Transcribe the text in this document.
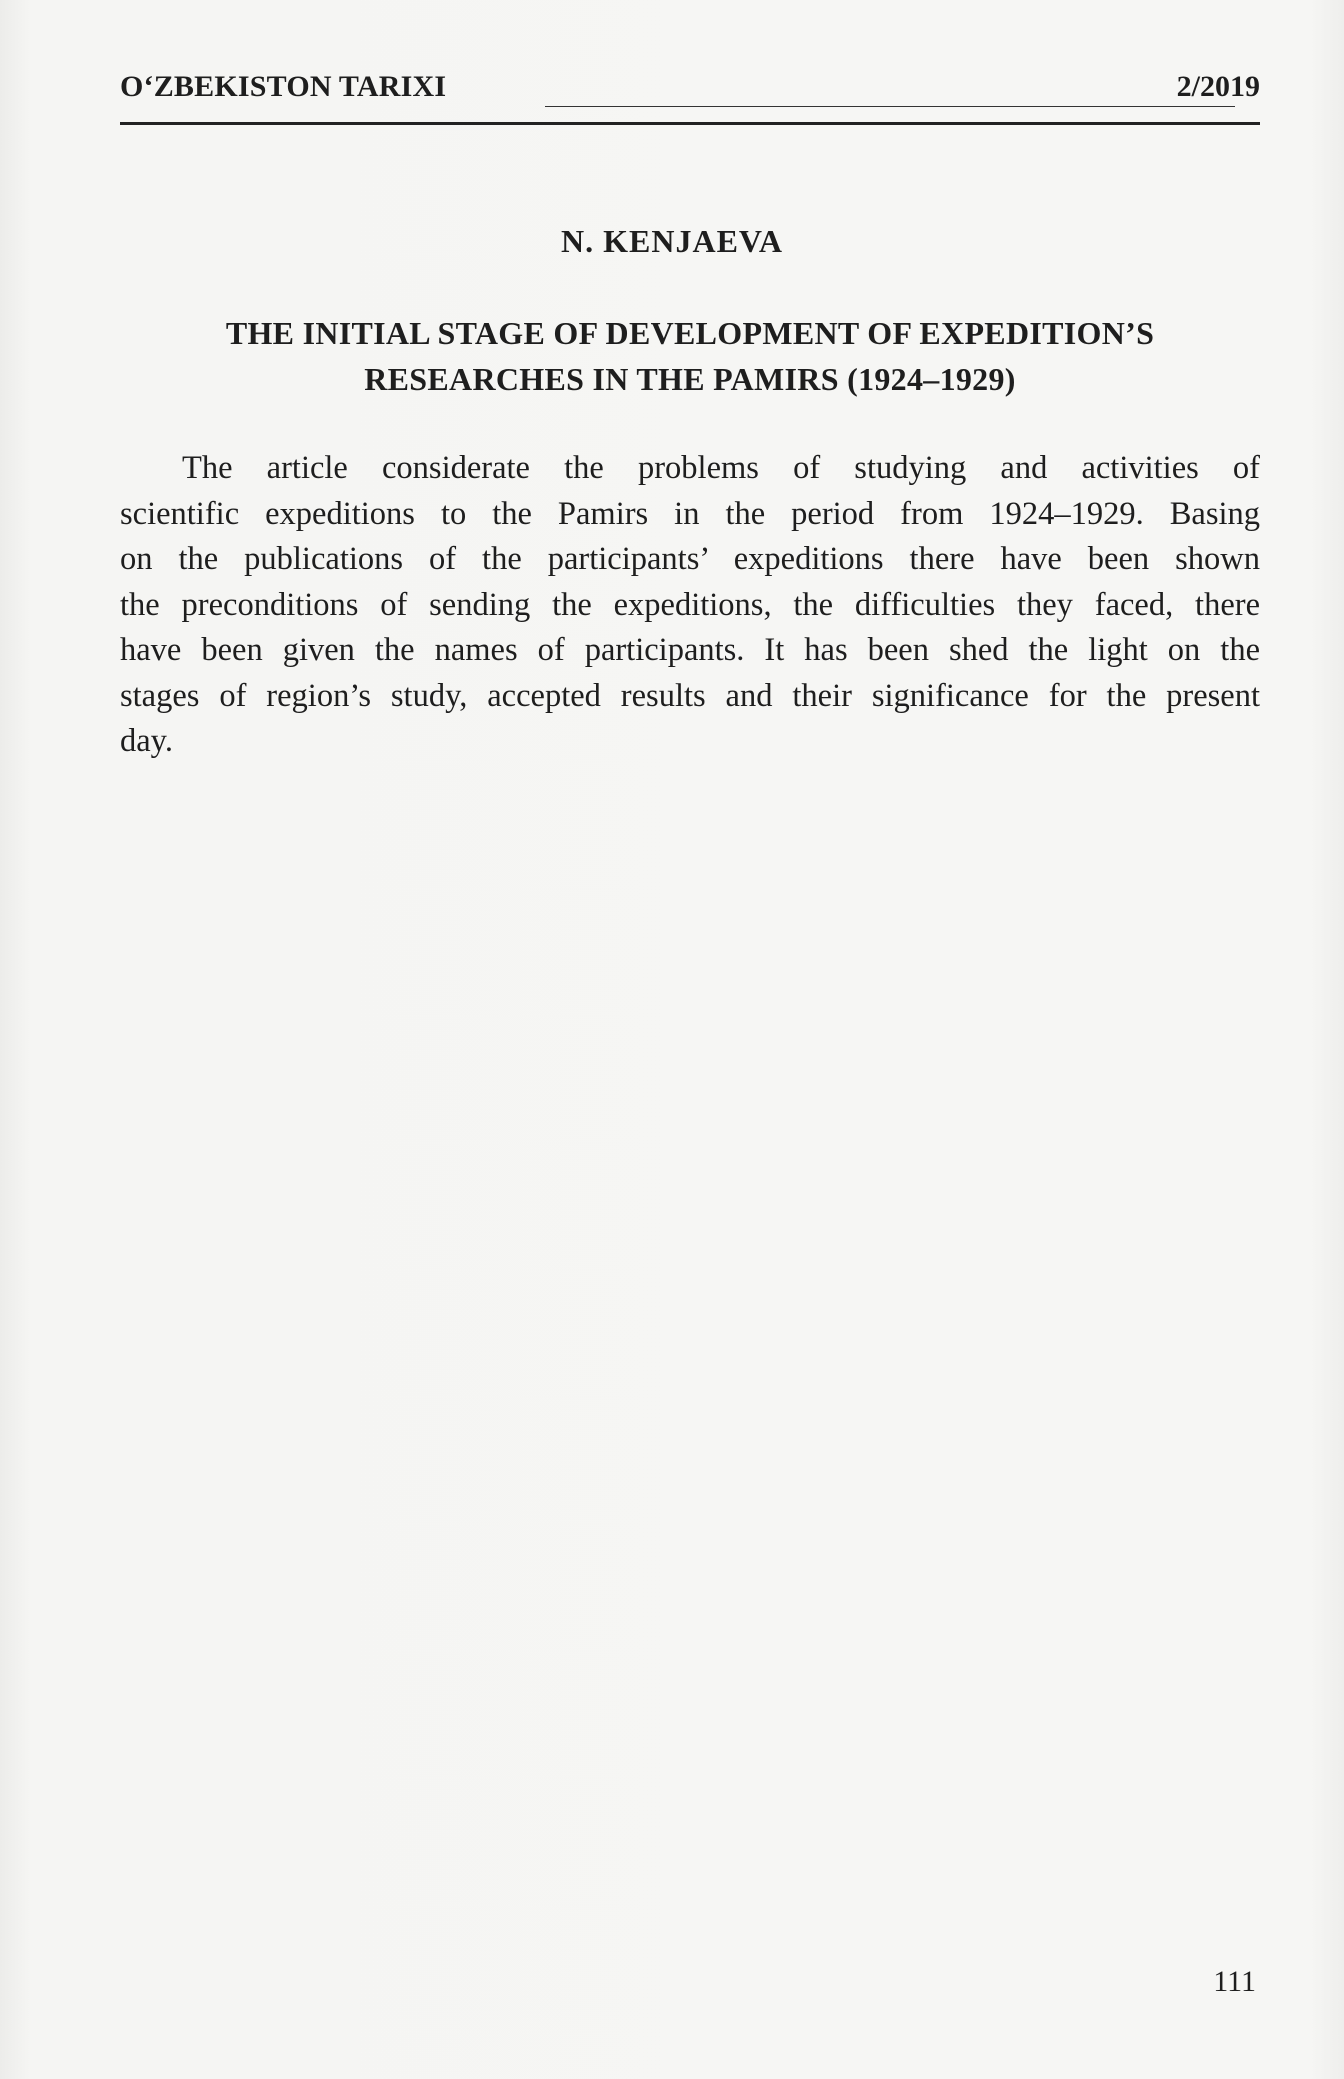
O‘ZBEKISTON TARIXI	2/2019
N. KENJAEVA
THE INITIAL STAGE OF DEVELOPMENT OF EXPEDITION’S
RESEARCHES IN THE PAMIRS (1924–1929)
The article considerate the problems of studying and activities of
scientific expeditions to the Pamirs in the period from 1924–1929. Basing
on the publications of the participants’ expeditions there have been shown
the preconditions of sending the expeditions, the difficulties they faced, there
have been given the names of participants. It has been shed the light on the
stages of region’s study, accepted results and their significance for the present
day.
111
